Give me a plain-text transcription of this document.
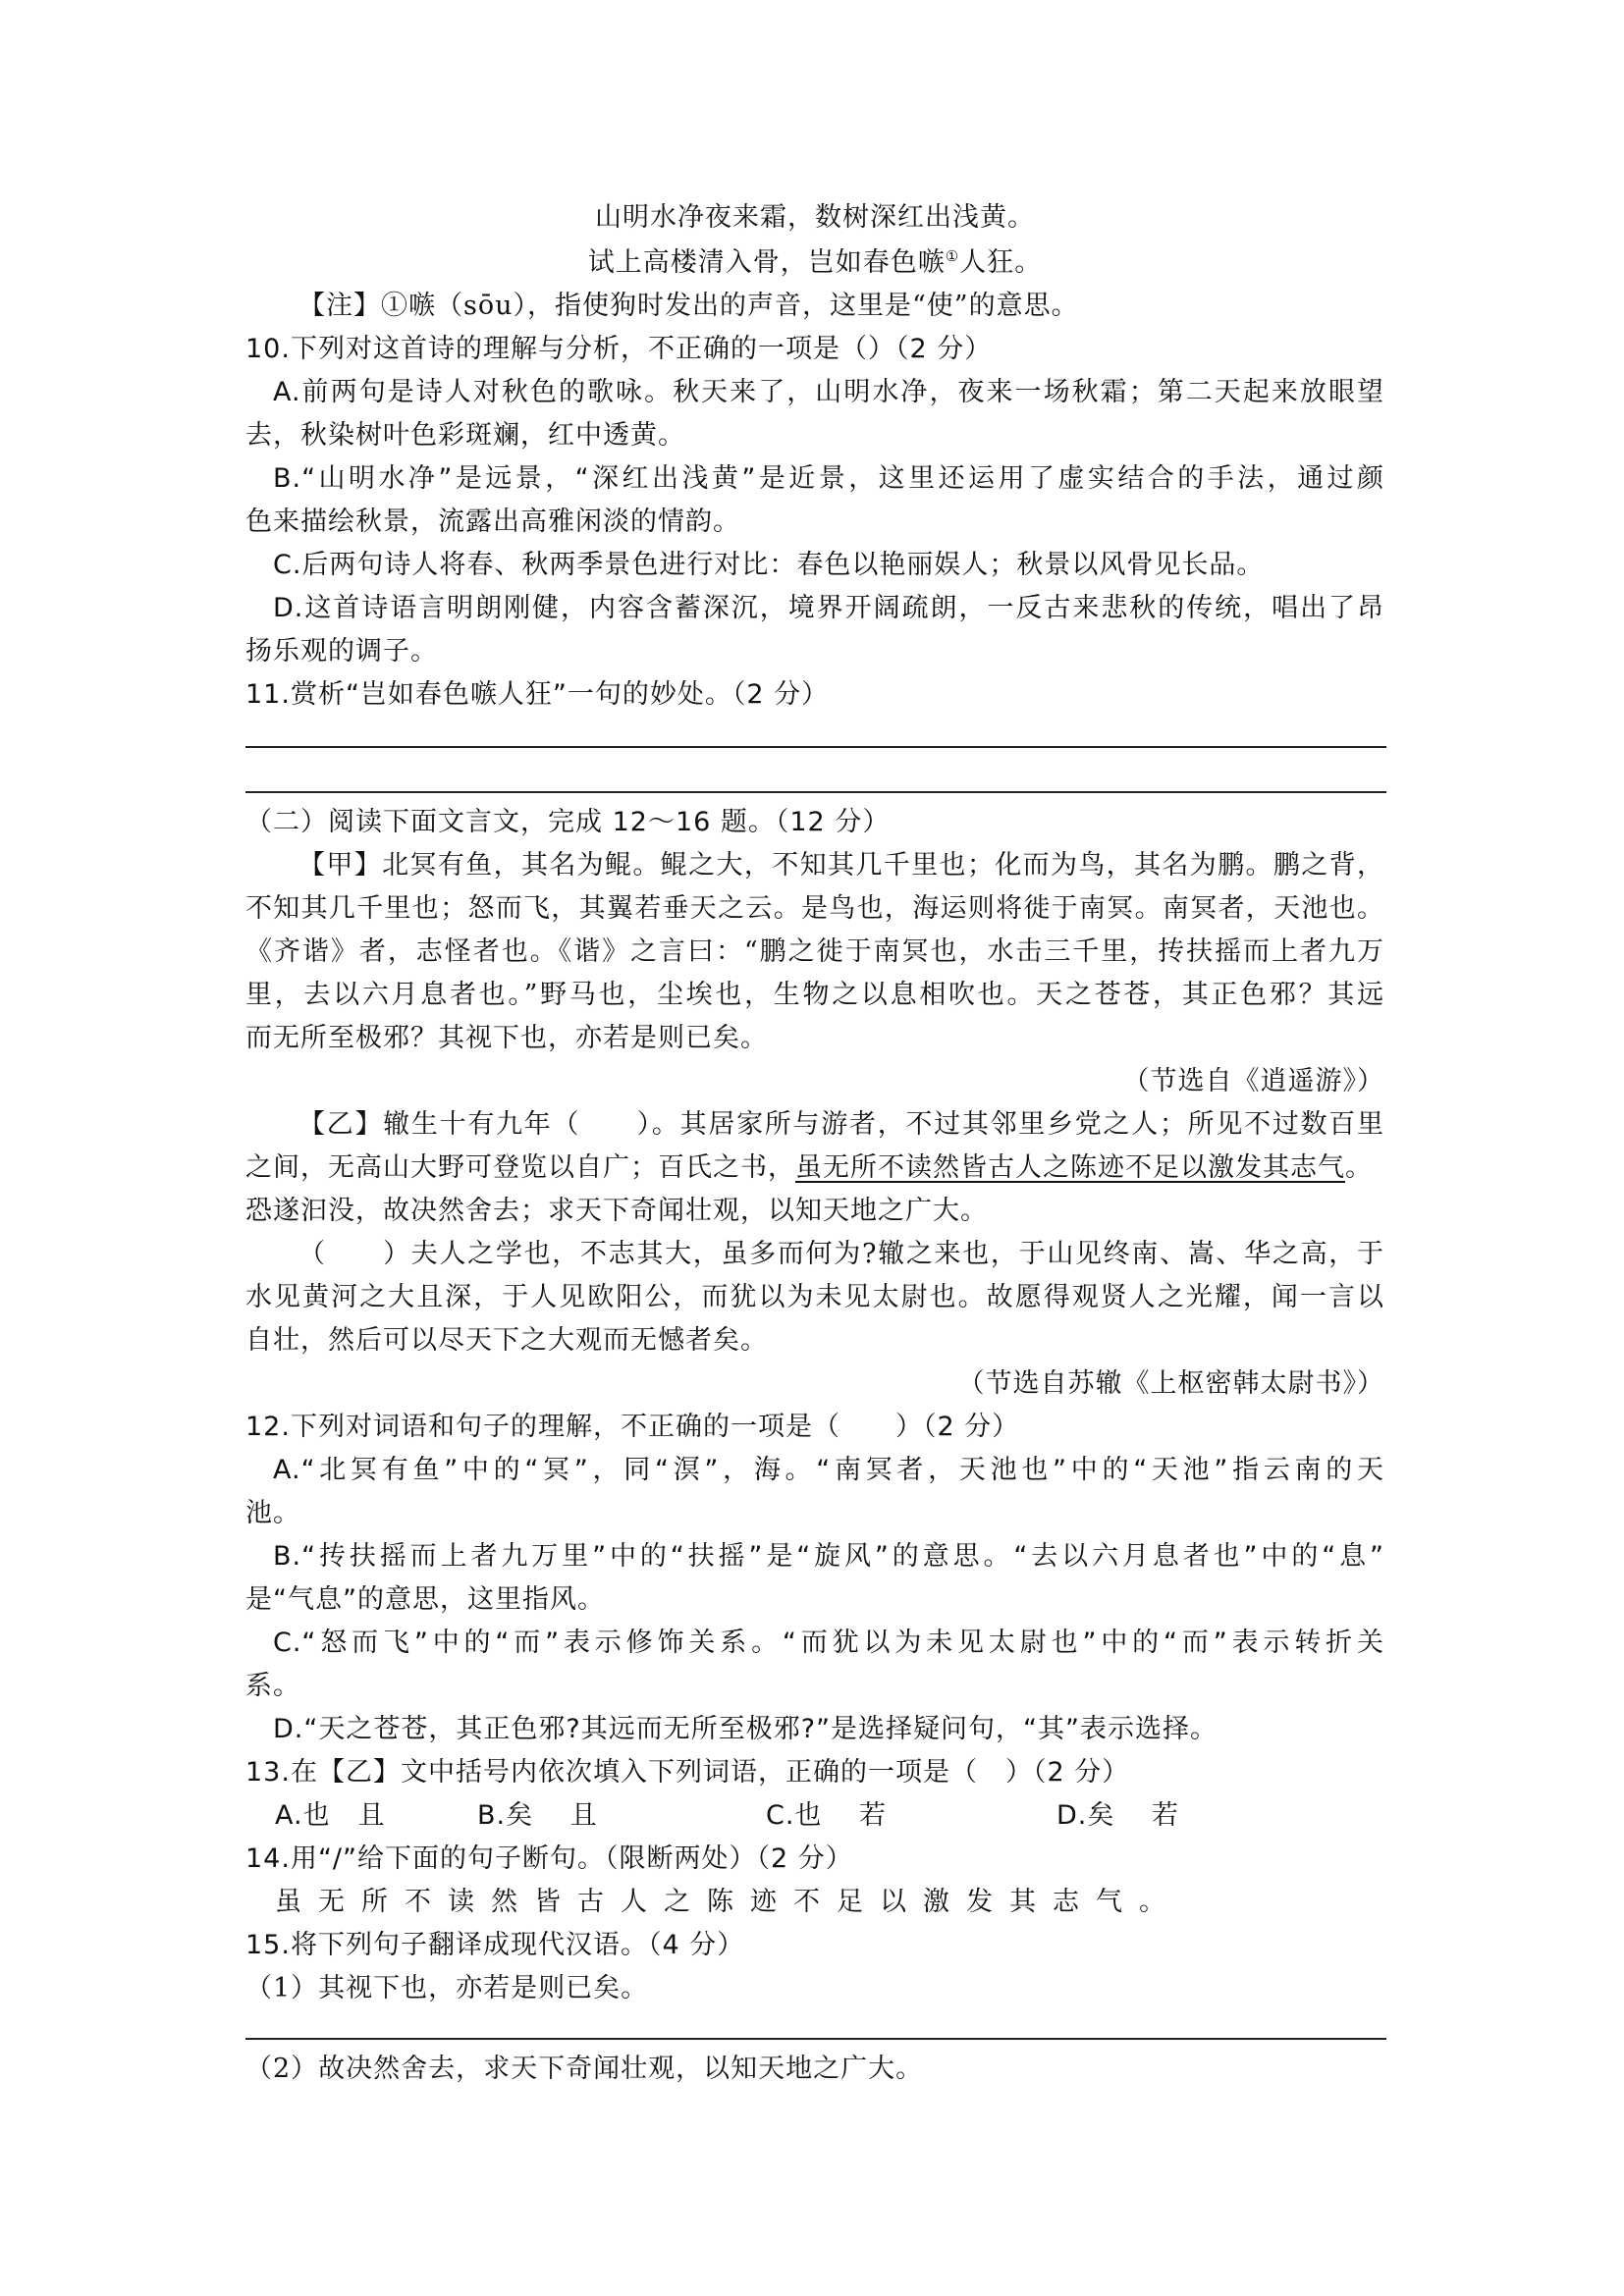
山明水净夜来霜，数树深红出浅黄。
试上高楼清入骨，岂如春色嗾①人狂。
【注】①嗾（sōu），指使狗时发出的声音，这里是“使”的意思。
10.下列对这首诗的理解与分析，不正确的一项是（）（2 分）
A.前两句是诗人对秋色的歌咏。秋天来了，山明水净，夜来一场秋霜；第二天起来放眼望
去，秋染树叶色彩斑斓，红中透黄。
B.“山明水净”是远景，“深红出浅黄”是近景，这里还运用了虚实结合的手法，通过颜
色来描绘秋景，流露出高雅闲淡的情韵。
C.后两句诗人将春、秋两季景色进行对比：春色以艳丽娱人；秋景以风骨见长品。
D.这首诗语言明朗刚健，内容含蓄深沉，境界开阔疏朗，一反古来悲秋的传统，唱出了昂
扬乐观的调子。
11.赏析“岂如春色嗾人狂”一句的妙处。（2 分）
（二）阅读下面文言文，完成 12～16 题。（12 分）
【甲】北冥有鱼，其名为鲲。鲲之大，不知其几千里也；化而为鸟，其名为鹏。鹏之背，
不知其几千里也；怒而飞，其翼若垂天之云。是鸟也，海运则将徙于南冥。南冥者，天池也。
《齐谐》者，志怪者也。《谐》之言曰：“鹏之徙于南冥也，水击三千里，抟扶摇而上者九万
里，去以六月息者也。”野马也，尘埃也，生物之以息相吹也。天之苍苍，其正色邪？其远
而无所至极邪？其视下也，亦若是则已矣。
（节选自《逍遥游》）
【乙】辙生十有九年（　　）。其居家所与游者，不过其邻里乡党之人；所见不过数百里
之间，无高山大野可登览以自广；百氏之书，虽无所不读然皆古人之陈迹不足以激发其志气。
恐遂汩没，故决然舍去；求天下奇闻壮观，以知天地之广大。
（　　）夫人之学也，不志其大，虽多而何为?辙之来也，于山见终南、嵩、华之高，于
水见黄河之大且深，于人见欧阳公，而犹以为未见太尉也。故愿得观贤人之光耀，闻一言以
自壮，然后可以尽天下之大观而无憾者矣。
（节选自苏辙《上枢密韩太尉书》）
12.下列对词语和句子的理解，不正确的一项是（　　）（2 分）
A.“北冥有鱼”中的“冥”，同“溟”，海。“南冥者，天池也”中的“天池”指云南的天
池。
B.“抟扶摇而上者九万里”中的“扶摇”是“旋风”的意思。“去以六月息者也”中的“息”
是“气息”的意思，这里指风。
C.“怒而飞”中的“而”表示修饰关系。“而犹以为未见太尉也”中的“而”表示转折关
系。
D.“天之苍苍，其正色邪?其远而无所至极邪?”是选择疑问句，“其”表示选择。
13.在【乙】文中括号内依次填入下列词语，正确的一项是（　）（2 分）
A.也　且	B.矣　 且	C.也　 若	D.矣　 若
14.用“/”给下面的句子断句。（限断两处）（2 分）
虽无所不读然皆古人之陈迹不足以激发其志气。
15.将下列句子翻译成现代汉语。（4 分）
（1）其视下也，亦若是则已矣。
（2）故决然舍去，求天下奇闻壮观，以知天地之广大。
